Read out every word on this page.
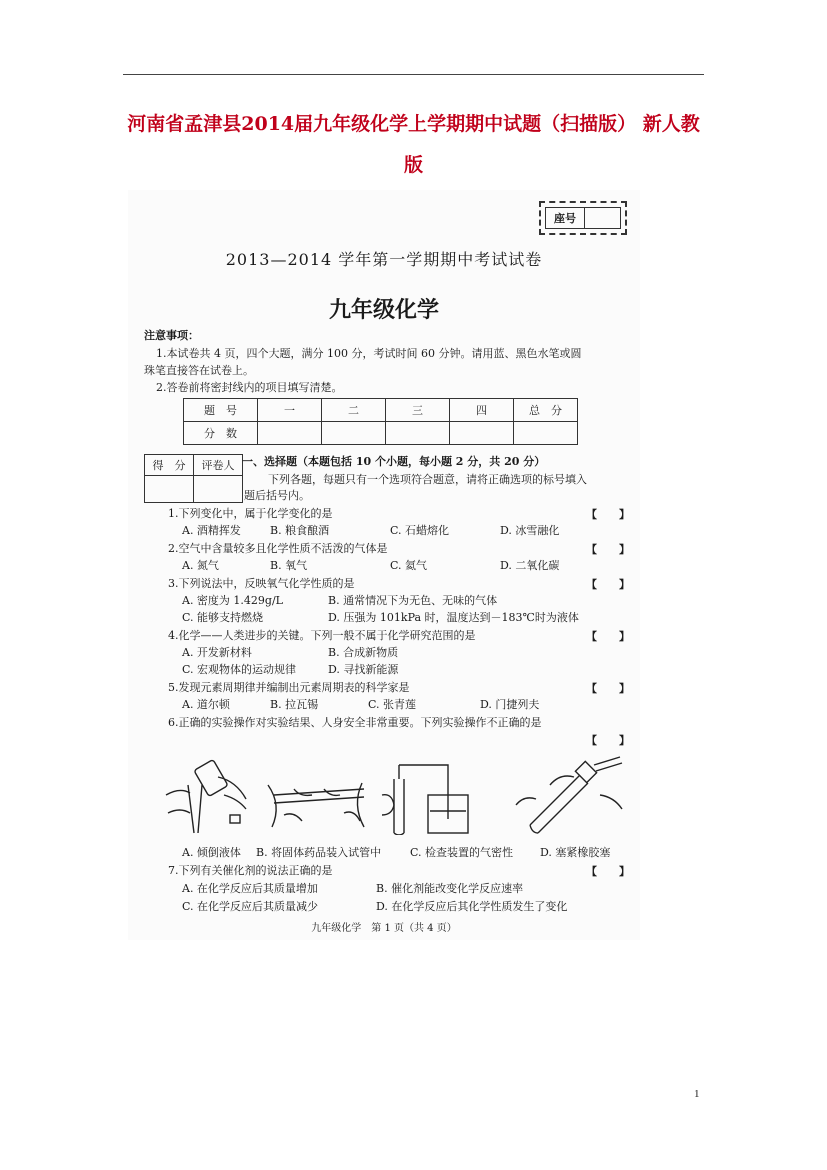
河南省孟津县2014届九年级化学上学期期中试题（扫描版） 新人教
版
座号
2013—2014 学年第一学期期中考试试卷
九年级化学
注意事项：
1.本试卷共 4 页，四个大题，满分 100 分，考试时间 60 分钟。请用蓝、黑色水笔或圆
珠笔直接答在试卷上。
2.答卷前将密封线内的项目填写清楚。
题　号	一	二	三	四	总　分
分　数					
得　分	评卷人
	一、选择题（本题包括 10 个小题，每小题 2 分，共 20 分）
下列各题，每题只有一个选项符合题意，请将正确选项的标号填入
题后括号内。
1.下列变化中，属于化学变化的是	【　　】
A. 酒精挥发	B. 粮食酿酒	C. 石蜡熔化	D. 冰雪融化
2.空气中含量较多且化学性质不活泼的气体是	【　　】
A. 氮气	B. 氧气	C. 氦气	D. 二氧化碳
3.下列说法中，反映氧气化学性质的是	【　　】
A. 密度为 1.429g/L	B. 通常情况下为无色、无味的气体
C. 能够支持燃烧	D. 压强为 101kPa 时，温度达到－183℃时为液体
4.化学——人类进步的关键。下列一般不属于化学研究范围的是	【　　】
A. 开发新材料	B. 合成新物质
C. 宏观物体的运动规律	D. 寻找新能源
5.发现元素周期律并编制出元素周期表的科学家是	【　　】
A. 道尔顿	B. 拉瓦锡	C. 张青莲	D. 门捷列夫
6.正确的实验操作对实验结果、人身安全非常重要。下列实验操作不正确的是
【　　】
A. 倾倒液体 B. 将固体药品装入试管中	C. 检查装置的气密性 D. 塞紧橡胶塞
7.下列有关催化剂的说法正确的是	【　　】
A. 在化学反应后其质量增加	B. 催化剂能改变化学反应速率
C. 在化学反应后其质量减少	D. 在化学反应后其化学性质发生了变化
九年级化学　第 1 页（共 4 页）
1
